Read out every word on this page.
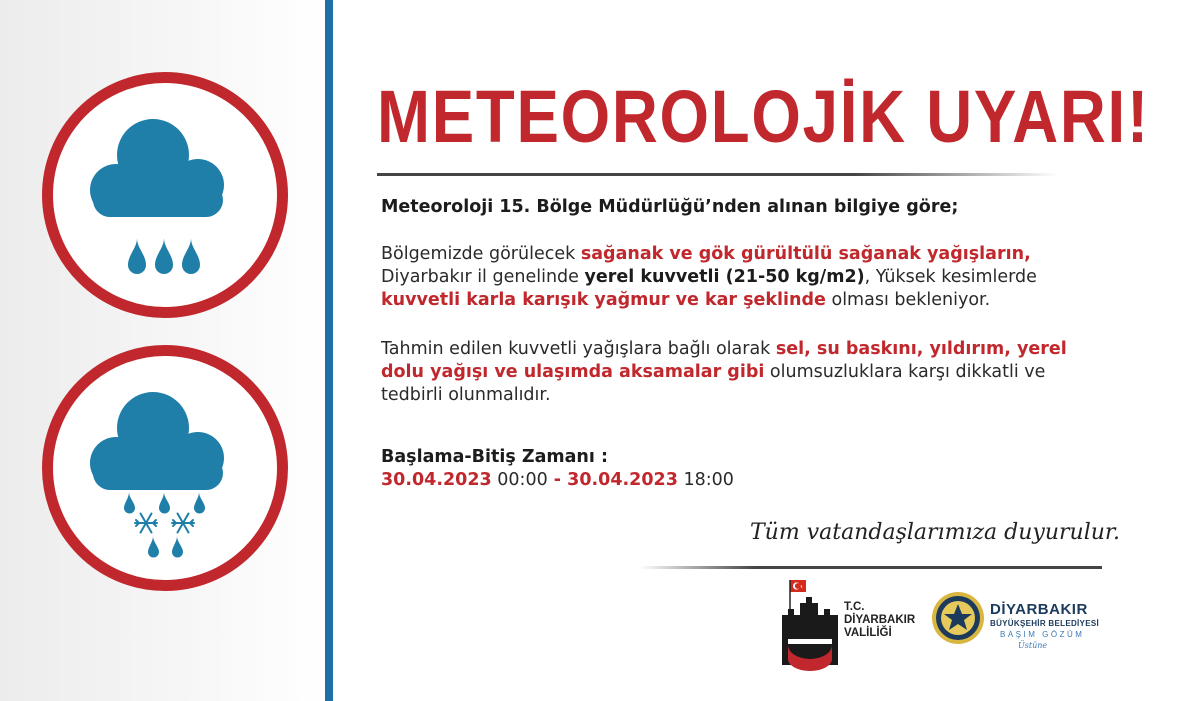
METEOROLOJİK UYARI!
Meteoroloji 15. Bölge Müdürlüğü’nden alınan bilgiye göre;
Bölgemizde görülecek sağanak ve gök gürültülü sağanak yağışların,
Diyarbakır il genelinde yerel kuvvetli (21-50 kg/m2), Yüksek kesimlerde
kuvvetli karla karışık yağmur ve kar şeklinde olması bekleniyor.
Tahmin edilen kuvvetli yağışlara bağlı olarak sel, su baskını, yıldırım, yerel
dolu yağışı ve ulaşımda aksamalar gibi olumsuzluklara karşı dikkatli ve
tedbirli olunmalıdır.
Başlama-Bitiş Zamanı :
30.04.2023 00:00 - 30.04.2023 18:00
Tüm vatandaşlarımıza duyurulur.
T.C.
DİYARBAKIR
VALİLİĞİ
DİYARBAKIR
BÜYÜKŞEHİR BELEDİYESİ
BAŞIM GÖZÜM
Üstüne
